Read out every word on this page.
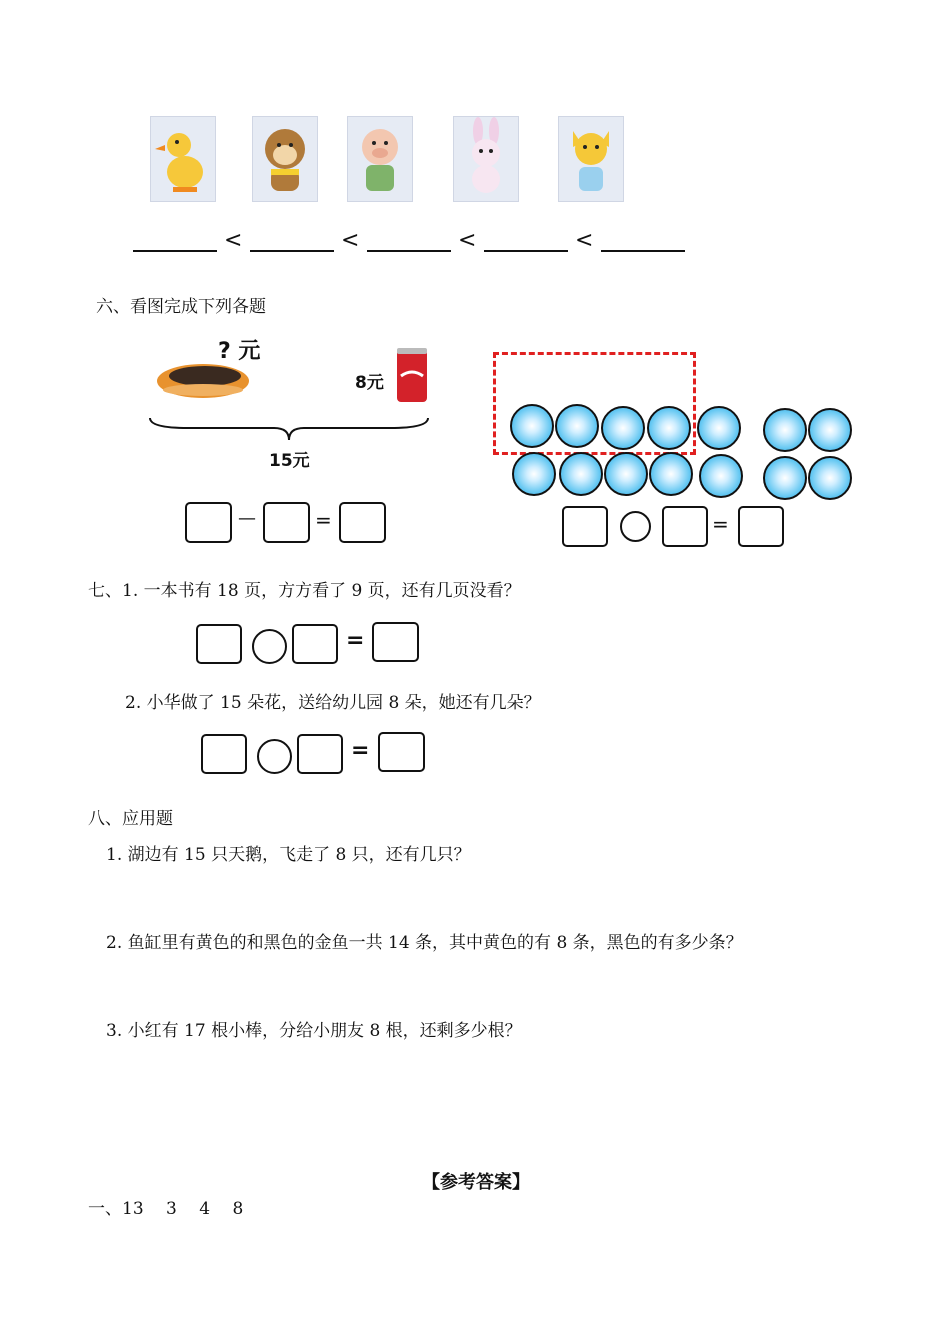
<	<	<	<
六、看图完成下列各题
? 元
8元
15元
—	=	=
七、1. 一本书有 18 页，方方看了 9 页，还有几页没看？
=
2. 小华做了 15 朵花，送给幼儿园 8 朵，她还有几朵？
=
八、应用题
1. 湖边有 15 只天鹅，飞走了 8 只，还有几只？
2. 鱼缸里有黄色的和黑色的金鱼一共 14 条，其中黄色的有 8 条，黑色的有多少条？
3. 小红有 17 根小棒，分给小朋友 8 根，还剩多少根？
【参考答案】
一、13　 3　 4　 8
